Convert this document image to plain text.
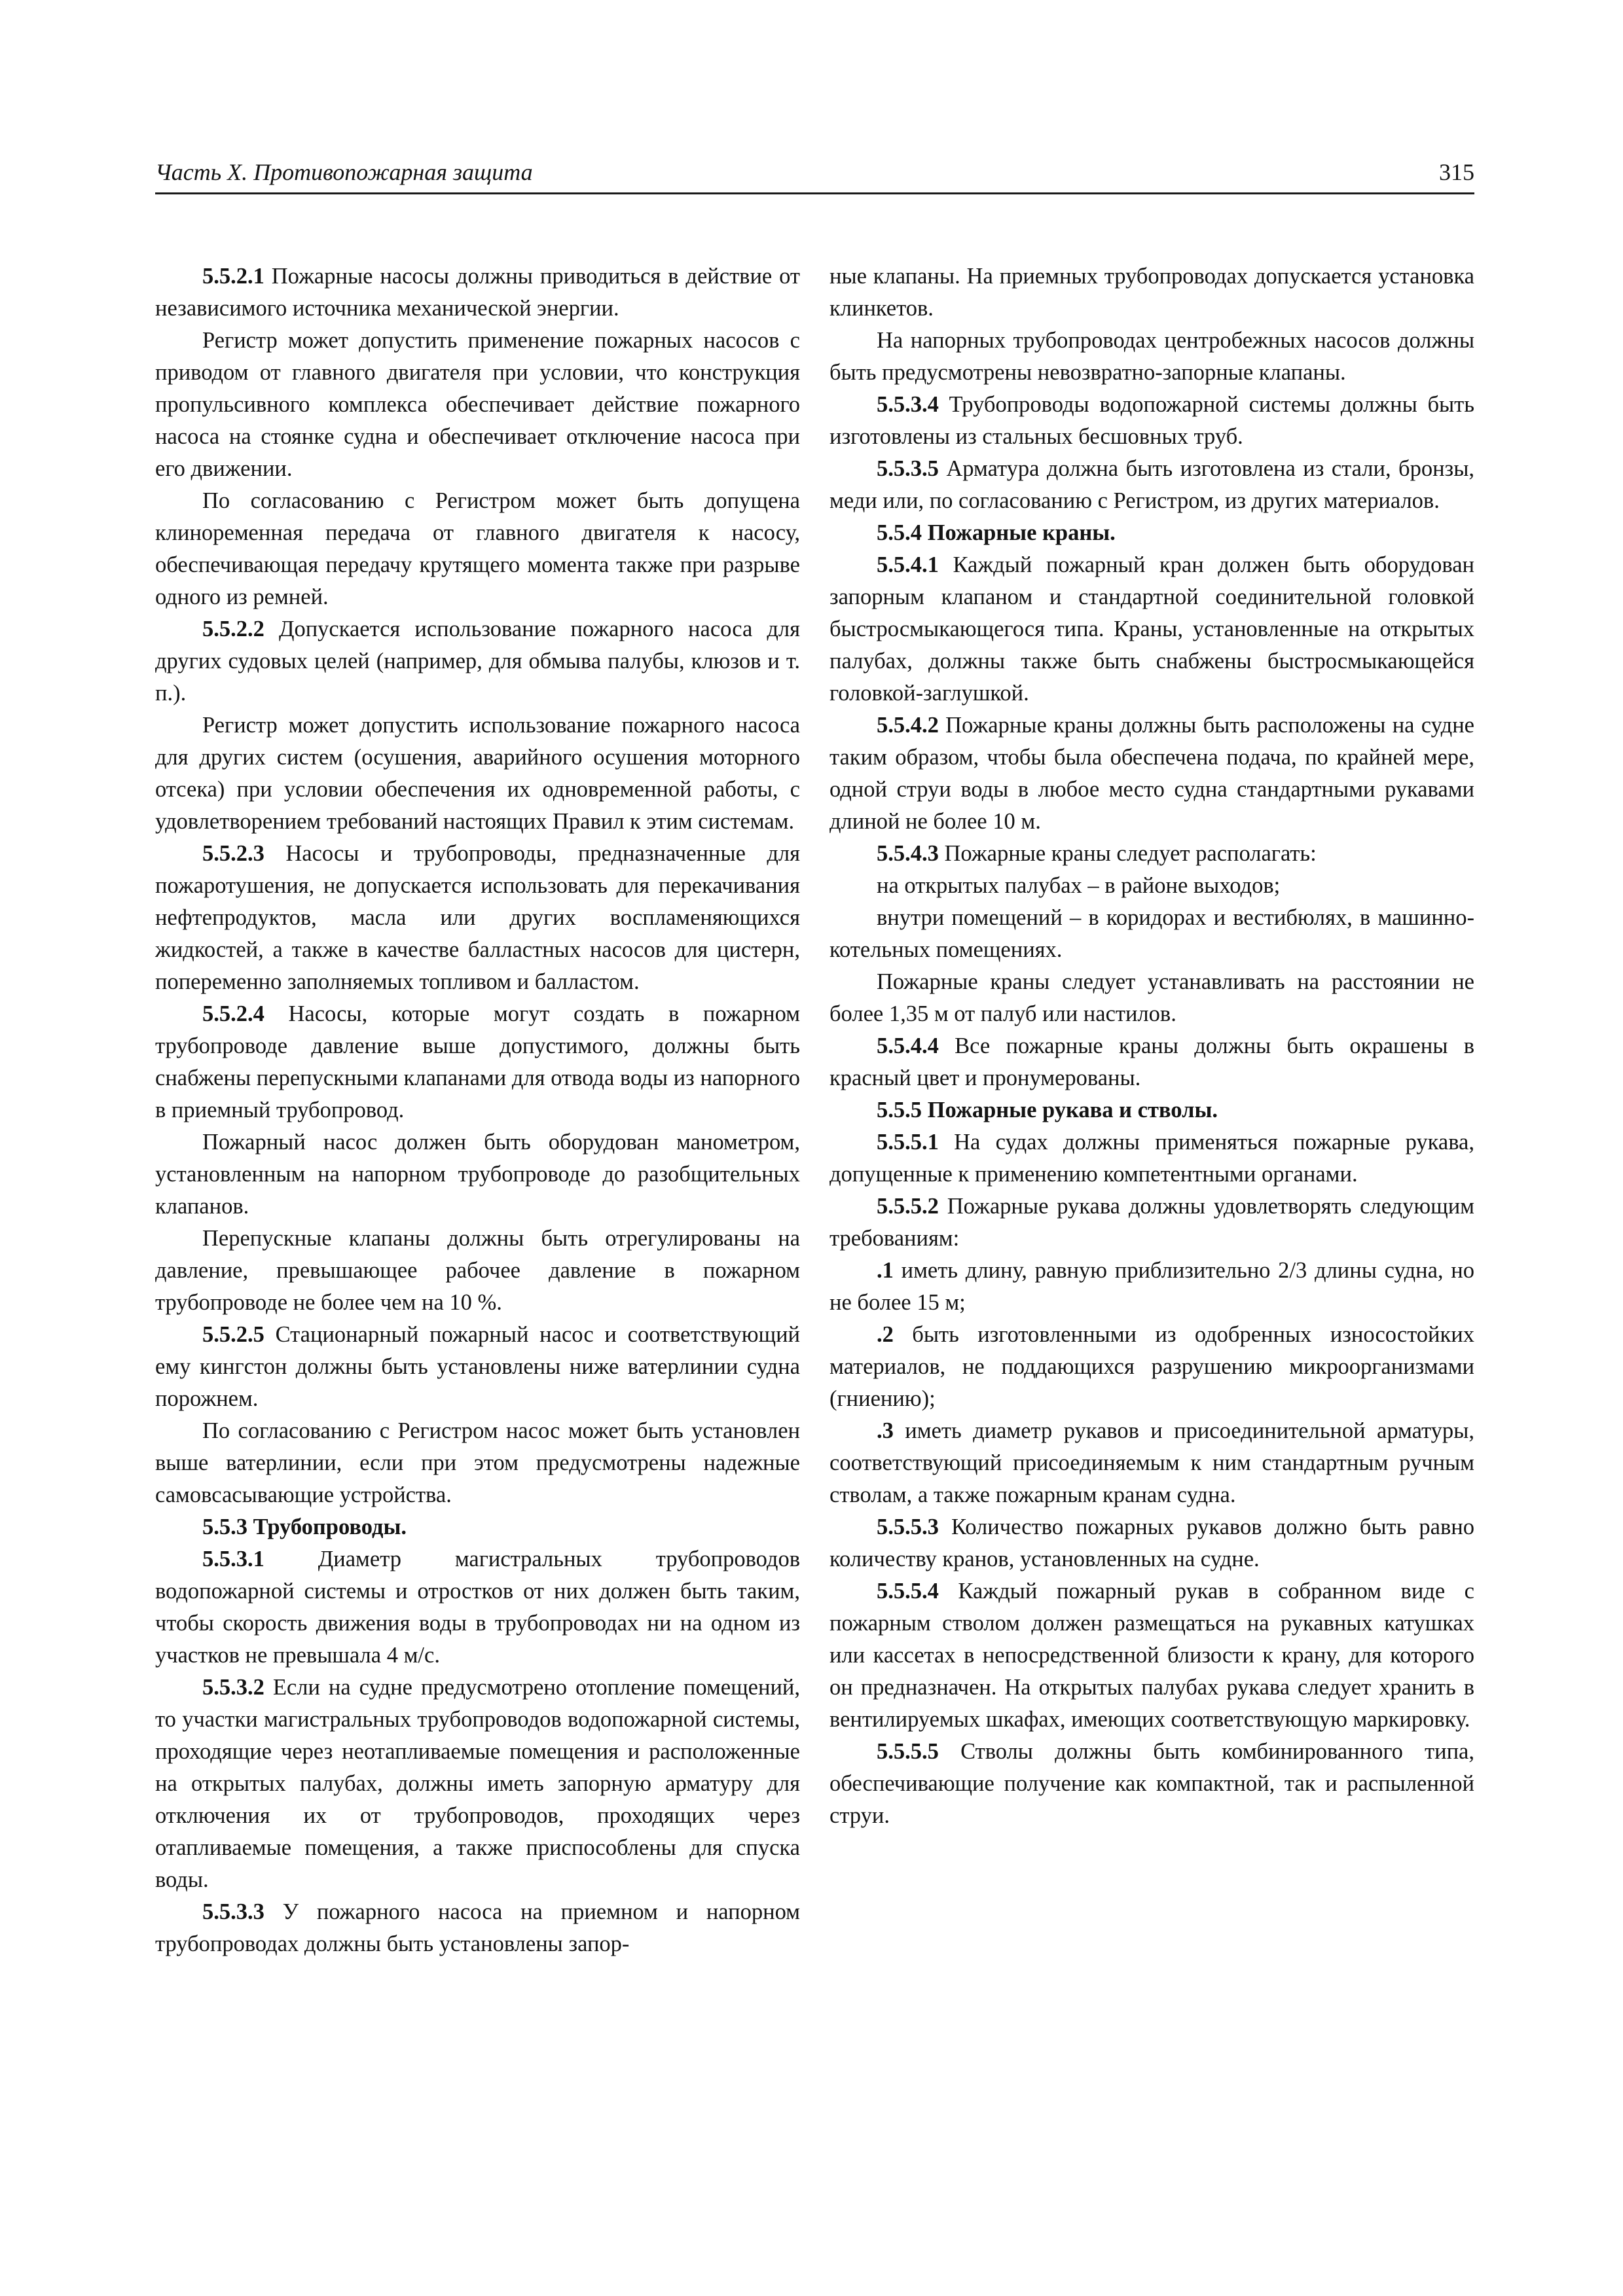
Часть X. Противопожарная защита	315

5.5.2.1 Пожарные насосы должны приводиться в действие от независимого источника механической энергии.

Регистр может допустить применение пожарных насосов с приводом от главного двигателя при условии, что конструкция пропульсивного комплекса обеспечивает действие пожарного насоса на стоянке судна и обеспечивает отключение насоса при его движении.

По согласованию с Регистром может быть допущена клиноременная передача от главного двигателя к насосу, обеспечивающая передачу крутящего момента также при разрыве одного из ремней.

5.5.2.2 Допускается использование пожарного насоса для других судовых целей (например, для обмыва палубы, клюзов и т. п.).

Регистр может допустить использование пожарного насоса для других систем (осушения, аварийного осушения моторного отсека) при условии обеспечения их одновременной работы, с удовлетворением требований настоящих Правил к этим системам.

5.5.2.3 Насосы и трубопроводы, предназначенные для пожаротушения, не допускается использовать для перекачивания нефтепродуктов, масла или других воспламеняющихся жидкостей, а также в качестве балластных насосов для цистерн, попеременно заполняемых топливом и балластом.

5.5.2.4 Насосы, которые могут создать в пожарном трубопроводе давление выше допустимого, должны быть снабжены перепускными клапанами для отвода воды из напорного в приемный трубопровод.

Пожарный насос должен быть оборудован манометром, установленным на напорном трубопроводе до разобщительных клапанов.

Перепускные клапаны должны быть отрегулированы на давление, превышающее рабочее давление в пожарном трубопроводе не более чем на 10 %.

5.5.2.5 Стационарный пожарный насос и соответствующий ему кингстон должны быть установлены ниже ватерлинии судна порожнем.

По согласованию с Регистром насос может быть установлен выше ватерлинии, если при этом предусмотрены надежные самовсасывающие устройства.

5.5.3 Трубопроводы.

5.5.3.1 Диаметр магистральных трубопроводов водопожарной системы и отростков от них должен быть таким, чтобы скорость движения воды в трубопроводах ни на одном из участков не превышала 4 м/с.

5.5.3.2 Если на судне предусмотрено отопление помещений, то участки магистральных трубопроводов водопожарной системы, проходящие через неотапливаемые помещения и расположенные на открытых палубах, должны иметь запорную арматуру для отключения их от трубопроводов, проходящих через отапливаемые помещения, а также приспособлены для спуска воды.

5.5.3.3 У пожарного насоса на приемном и напорном трубопроводах должны быть установлены запор-

ные клапаны. На приемных трубопроводах допускается установка клинкетов.

На напорных трубопроводах центробежных насосов должны быть предусмотрены невозвратно-запорные клапаны.

5.5.3.4 Трубопроводы водопожарной системы должны быть изготовлены из стальных бесшовных труб.

5.5.3.5 Арматура должна быть изготовлена из стали, бронзы, меди или, по согласованию с Регистром, из других материалов.

5.5.4 Пожарные краны.

5.5.4.1 Каждый пожарный кран должен быть оборудован запорным клапаном и стандартной соединительной головкой быстросмыкающегося типа. Краны, установленные на открытых палубах, должны также быть снабжены быстросмыкающейся головкой-заглушкой.

5.5.4.2 Пожарные краны должны быть расположены на судне таким образом, чтобы была обеспечена подача, по крайней мере, одной струи воды в любое место судна стандартными рукавами длиной не более 10 м.

5.5.4.3 Пожарные краны следует располагать:

на открытых палубах – в районе выходов;

внутри помещений – в коридорах и вестибюлях, в машинно-котельных помещениях.

Пожарные краны следует устанавливать на расстоянии не более 1,35 м от палуб или настилов.

5.5.4.4 Все пожарные краны должны быть окрашены в красный цвет и пронумерованы.

5.5.5 Пожарные рукава и стволы.

5.5.5.1 На судах должны применяться пожарные рукава, допущенные к применению компетентными органами.

5.5.5.2 Пожарные рукава должны удовлетворять следующим требованиям:

.1 иметь длину, равную приблизительно 2/3 длины судна, но не более 15 м;

.2 быть изготовленными из одобренных износостойких материалов, не поддающихся разрушению микроорганизмами (гниению);

.3 иметь диаметр рукавов и присоединительной арматуры, соответствующий присоединяемым к ним стандартным ручным стволам, а также пожарным кранам судна.

5.5.5.3 Количество пожарных рукавов должно быть равно количеству кранов, установленных на судне.

5.5.5.4 Каждый пожарный рукав в собранном виде с пожарным стволом должен размещаться на рукавных катушках или кассетах в непосредственной близости к крану, для которого он предназначен. На открытых палубах рукава следует хранить в вентилируемых шкафах, имеющих соответствующую маркировку.

5.5.5.5 Стволы должны быть комбинированного типа, обеспечивающие получение как компактной, так и распыленной струи.
